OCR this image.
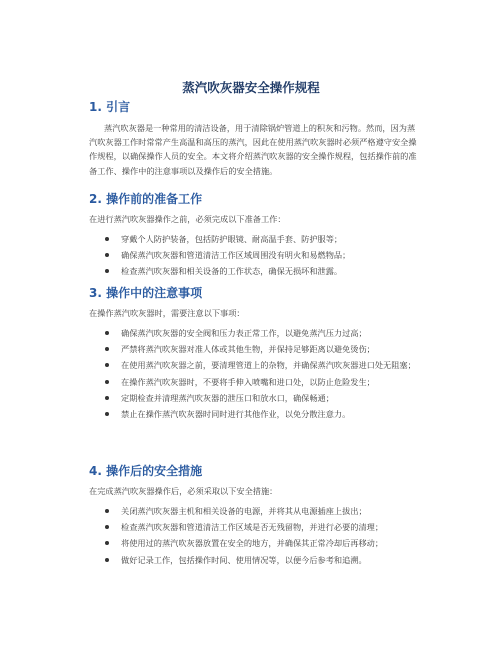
蒸汽吹灰器安全操作规程
1. 引言
蒸汽吹灰器是一种常用的清洁设备，用于清除锅炉管道上的积灰和污物。然而，因为蒸汽吹灰器工作时常常产生高温和高压的蒸汽，因此在使用蒸汽吹灰器时必须严格遵守安全操作规程，以确保操作人员的安全。本文将介绍蒸汽吹灰器的安全操作规程，包括操作前的准备工作、操作中的注意事项以及操作后的安全措施。
2. 操作前的准备工作
在进行蒸汽吹灰器操作之前，必须完成以下准备工作：
穿戴个人防护装备，包括防护眼镜、耐高温手套、防护服等；
确保蒸汽吹灰器和管道清洁工作区域周围没有明火和易燃物品；
检查蒸汽吹灰器和相关设备的工作状态，确保无损坏和泄露。
3. 操作中的注意事项
在操作蒸汽吹灰器时，需要注意以下事项：
确保蒸汽吹灰器的安全阀和压力表正常工作，以避免蒸汽压力过高；
严禁将蒸汽吹灰器对准人体或其他生物，并保持足够距离以避免烫伤；
在使用蒸汽吹灰器之前，要清理管道上的杂物，并确保蒸汽吹灰器进口处无阻塞；
在操作蒸汽吹灰器时，不要将手伸入喷嘴和进口处，以防止危险发生；
定期检查并清理蒸汽吹灰器的泄压口和放水口，确保畅通；
禁止在操作蒸汽吹灰器时同时进行其他作业，以免分散注意力。
4. 操作后的安全措施
在完成蒸汽吹灰器操作后，必须采取以下安全措施：
关闭蒸汽吹灰器主机和相关设备的电源，并将其从电源插座上拔出；
检查蒸汽吹灰器和管道清洁工作区域是否无残留物，并进行必要的清理；
将使用过的蒸汽吹灰器放置在安全的地方，并确保其正常冷却后再移动；
做好记录工作，包括操作时间、使用情况等，以便今后参考和追溯。
